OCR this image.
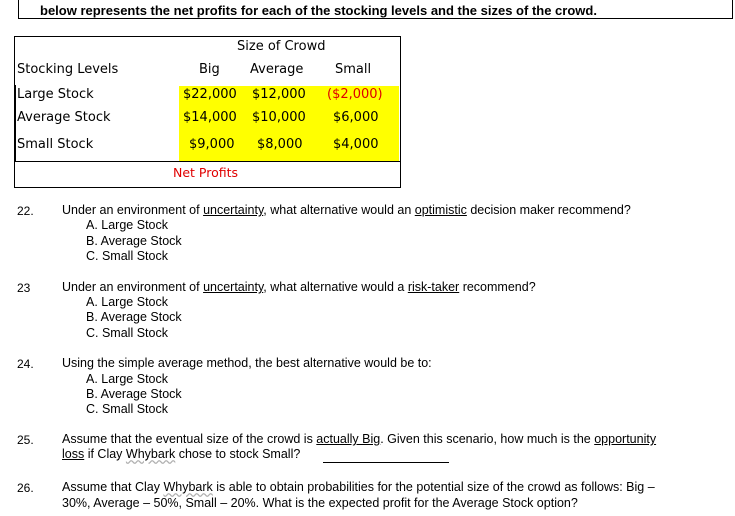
below represents the net profits for each of the stocking levels and the sizes of the crowd.
Size of Crowd
Stocking Levels	Big Average Small
Large Stock	$22,000 $12,000 ($2,000)
Average Stock	$14,000 $10,000 $6,000
Small Stock	$9,000 $8,000 $4,000
Net Profits
22. Under an environment of uncertainty, what alternative would an optimistic decision maker recommend?
A. Large Stock
B. Average Stock
C. Small Stock
23	Under an environment of uncertainty, what alternative would a risk-taker recommend?
A. Large Stock
B. Average Stock
C. Small Stock
24. Using the simple average method, the best alternative would be to:
A. Large Stock
B. Average Stock
C. Small Stock
25. Assume that the eventual size of the crowd is actually Big. Given this scenario, how much is the opportunity
loss if Clay Whybark chose to stock Small?
26. Assume that Clay Whybark is able to obtain probabilities for the potential size of the crowd as follows: Big –
30%, Average – 50%, Small – 20%. What is the expected profit for the Average Stock option?
